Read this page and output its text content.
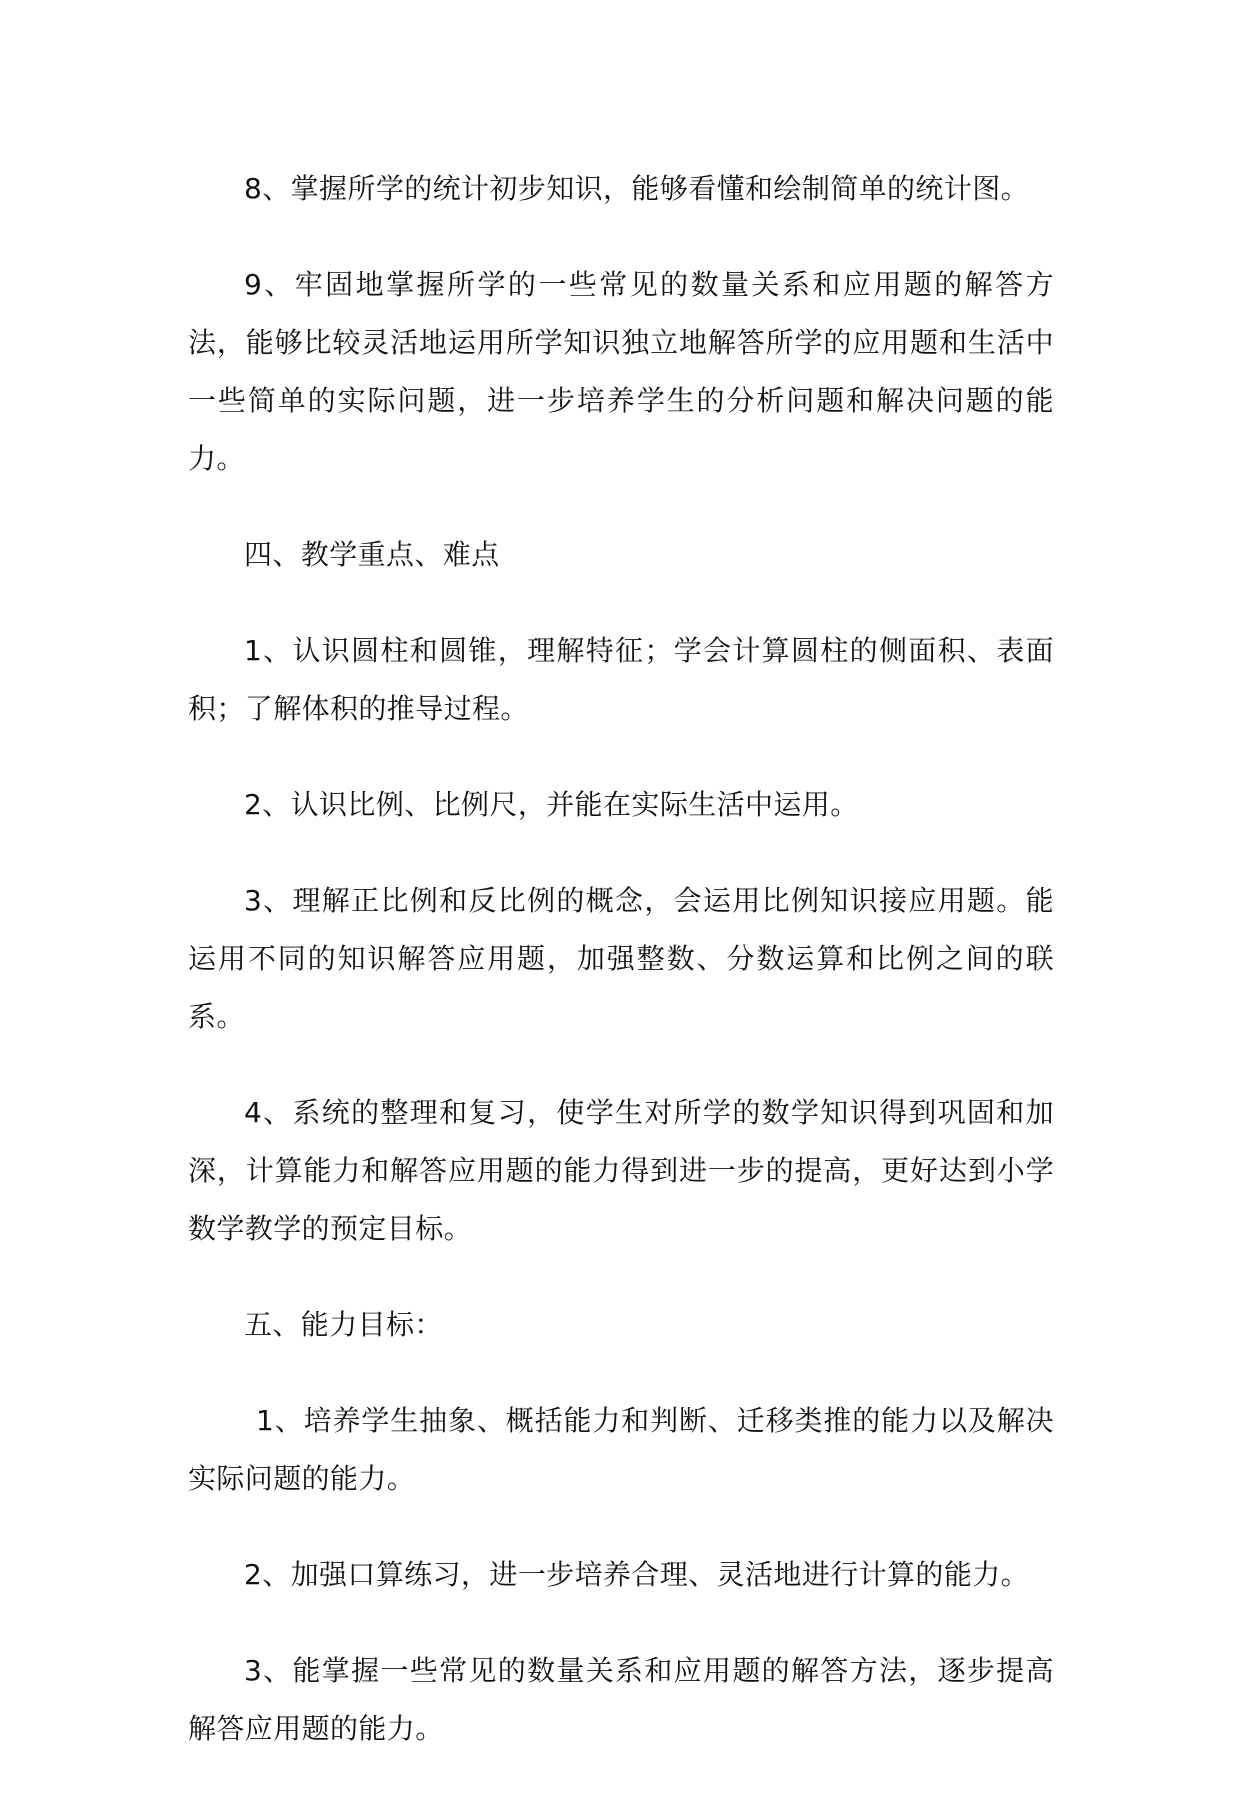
8、掌握所学的统计初步知识，能够看懂和绘制简单的统计图。

9、牢固地掌握所学的一些常见的数量关系和应用题的解答方法，能够比较灵活地运用所学知识独立地解答所学的应用题和生活中一些简单的实际问题，进一步培养学生的分析问题和解决问题的能力。

四、教学重点、难点

1、认识圆柱和圆锥，理解特征；学会计算圆柱的侧面积、表面积；了解体积的推导过程。

2、认识比例、比例尺，并能在实际生活中运用。

3、理解正比例和反比例的概念，会运用比例知识接应用题。能运用不同的知识解答应用题，加强整数、分数运算和比例之间的联系。

4、系统的整理和复习，使学生对所学的数学知识得到巩固和加深，计算能力和解答应用题的能力得到进一步的提高，更好达到小学数学教学的预定目标。

五、能力目标：

1、培养学生抽象、概括能力和判断、迁移类推的能力以及解决实际问题的能力。

2、加强口算练习，进一步培养合理、灵活地进行计算的能力。

3、能掌握一些常见的数量关系和应用题的解答方法，逐步提高解答应用题的能力。
